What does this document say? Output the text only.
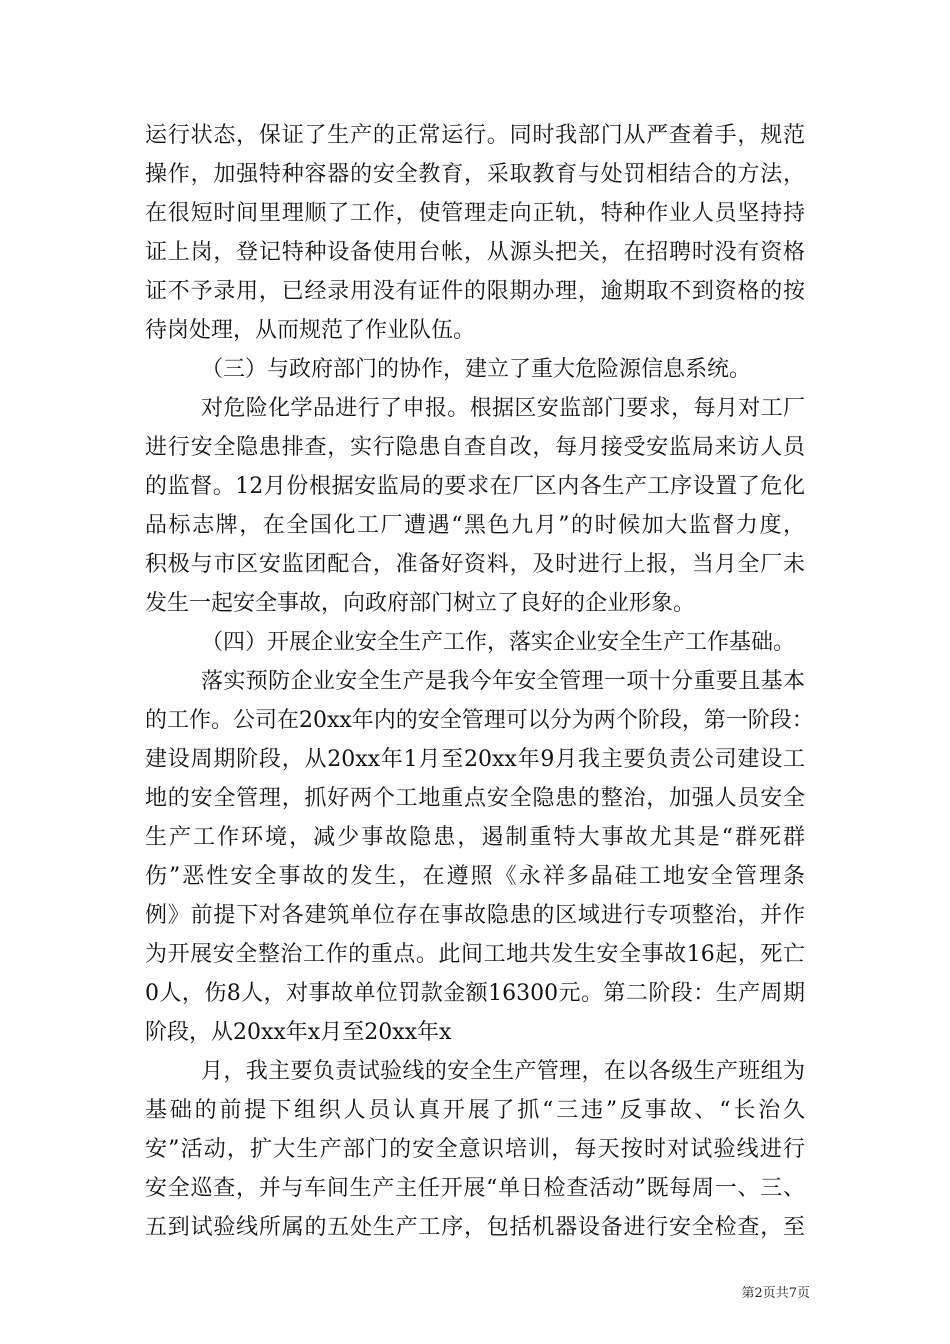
运行状态，保证了生产的正常运行。同时我部门从严查着手，规范
操作，加强特种容器的安全教育，采取教育与处罚相结合的方法，
在很短时间里理顺了工作，使管理走向正轨，特种作业人员坚持持
证上岗，登记特种设备使用台帐，从源头把关，在招聘时没有资格
证不予录用，已经录用没有证件的限期办理，逾期取不到资格的按
待岗处理，从而规范了作业队伍。
（三）与政府部门的协作，建立了重大危险源信息系统。
对危险化学品进行了申报。根据区安监部门要求，每月对工厂
进行安全隐患排查，实行隐患自查自改，每月接受安监局来访人员
的监督。12月份根据安监局的要求在厂区内各生产工序设置了危化
品标志牌，在全国化工厂遭遇“黑色九月”的时候加大监督力度，
积极与市区安监团配合，准备好资料，及时进行上报，当月全厂未
发生一起安全事故，向政府部门树立了良好的企业形象。
（四）开展企业安全生产工作，落实企业安全生产工作基础。
落实预防企业安全生产是我今年安全管理一项十分重要且基本
的工作。公司在20xx年内的安全管理可以分为两个阶段，第一阶段：
建设周期阶段，从20xx年1月至20xx年9月我主要负责公司建设工
地的安全管理，抓好两个工地重点安全隐患的整治，加强人员安全
生产工作环境，减少事故隐患，遏制重特大事故尤其是“群死群
伤”恶性安全事故的发生，在遵照《永祥多晶硅工地安全管理条
例》前提下对各建筑单位存在事故隐患的区域进行专项整治，并作
为开展安全整治工作的重点。此间工地共发生安全事故16起，死亡
0人，伤8人，对事故单位罚款金额16300元。第二阶段：生产周期
阶段，从20xx年x月至20xx年x
月，我主要负责试验线的安全生产管理，在以各级生产班组为
基础的前提下组织人员认真开展了抓“三违”反事故、“长治久
安”活动，扩大生产部门的安全意识培训，每天按时对试验线进行
安全巡查，并与车间生产主任开展“单日检查活动”既每周一、三、
五到试验线所属的五处生产工序，包括机器设备进行安全检查，至
第2页共7页
